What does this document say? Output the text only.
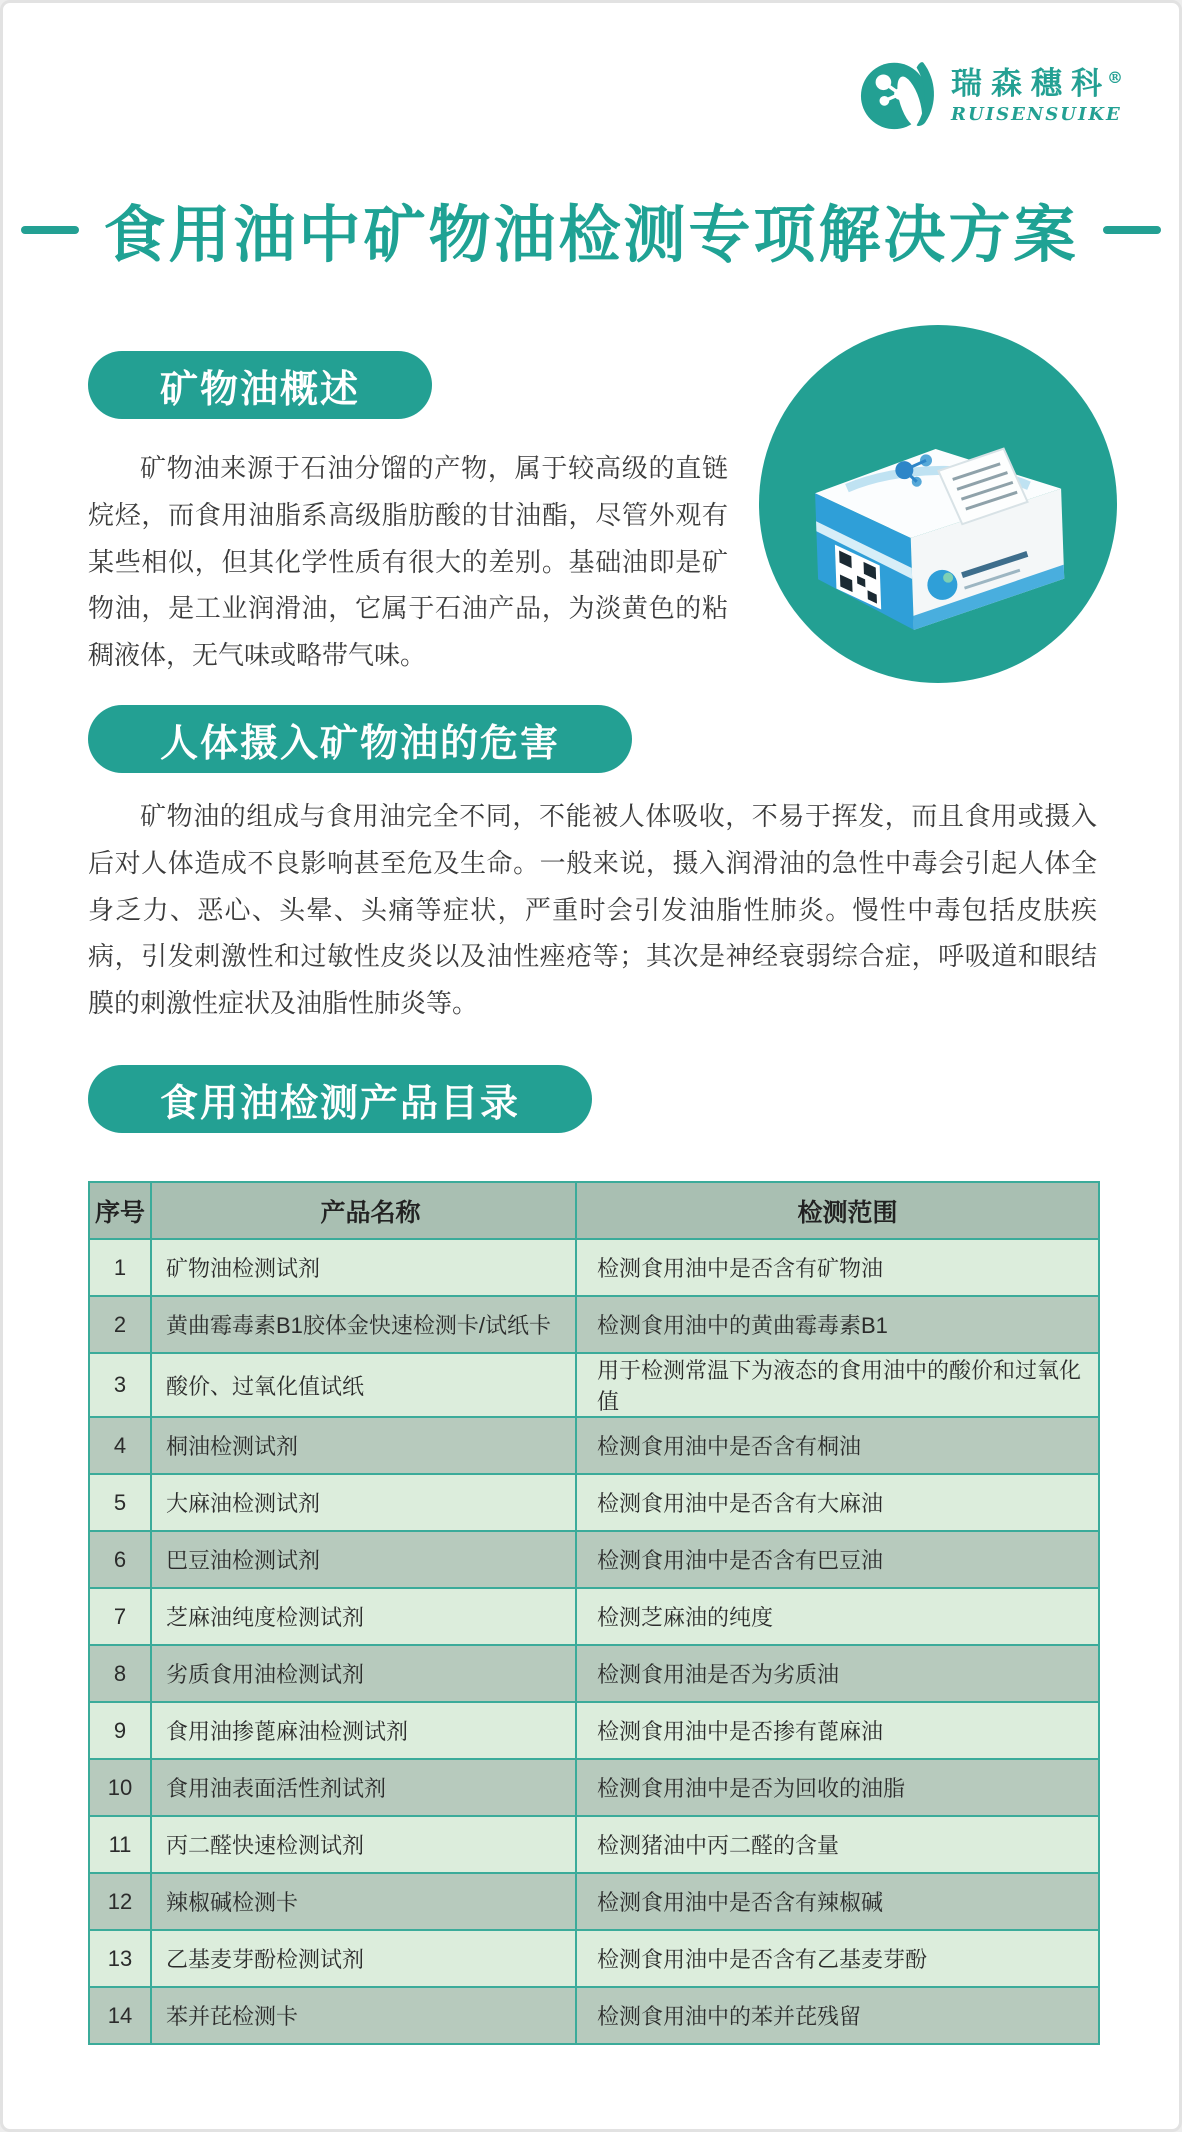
瑞森穗科®
RUISENSUIKE
食用油中矿物油检测专项解决方案
矿物油概述

矿物油来源于石油分馏的产物，属于较高级的直链烷烃，而食用油脂系高级脂肪酸的甘油酯，尽管外观有某些相似，但其化学性质有很大的差别。基础油即是矿物油，是工业润滑油，它属于石油产品，为淡黄色的粘稠液体，无气味或略带气味。

人体摄入矿物油的危害

矿物油的组成与食用油完全不同，不能被人体吸收，不易于挥发，而且食用或摄入后对人体造成不良影响甚至危及生命。一般来说，摄入润滑油的急性中毒会引起人体全身乏力、恶心、头晕、头痛等症状，严重时会引发油脂性肺炎。慢性中毒包括皮肤疾病，引发刺激性和过敏性皮炎以及油性痤疮等；其次是神经衰弱综合症，呼吸道和眼结膜的刺激性症状及油脂性肺炎等。

食用油检测产品目录
序号	产品名称	检测范围
1	矿物油检测试剂	检测食用油中是否含有矿物油
2	黄曲霉毒素B1胶体金快速检测卡/试纸卡	检测食用油中的黄曲霉毒素B1
3	酸价、过氧化值试纸	用于检测常温下为液态的食用油中的酸价和过氧化值
4	桐油检测试剂	检测食用油中是否含有桐油
5	大麻油检测试剂	检测食用油中是否含有大麻油
6	巴豆油检测试剂	检测食用油中是否含有巴豆油
7	芝麻油纯度检测试剂	检测芝麻油的纯度
8	劣质食用油检测试剂	检测食用油是否为劣质油
9	食用油掺蓖麻油检测试剂	检测食用油中是否掺有蓖麻油
10	食用油表面活性剂试剂	检测食用油中是否为回收的油脂
11	丙二醛快速检测试剂	检测猪油中丙二醛的含量
12	辣椒碱检测卡	检测食用油中是否含有辣椒碱
13	乙基麦芽酚检测试剂	检测食用油中是否含有乙基麦芽酚
14	苯并芘检测卡	检测食用油中的苯并芘残留
